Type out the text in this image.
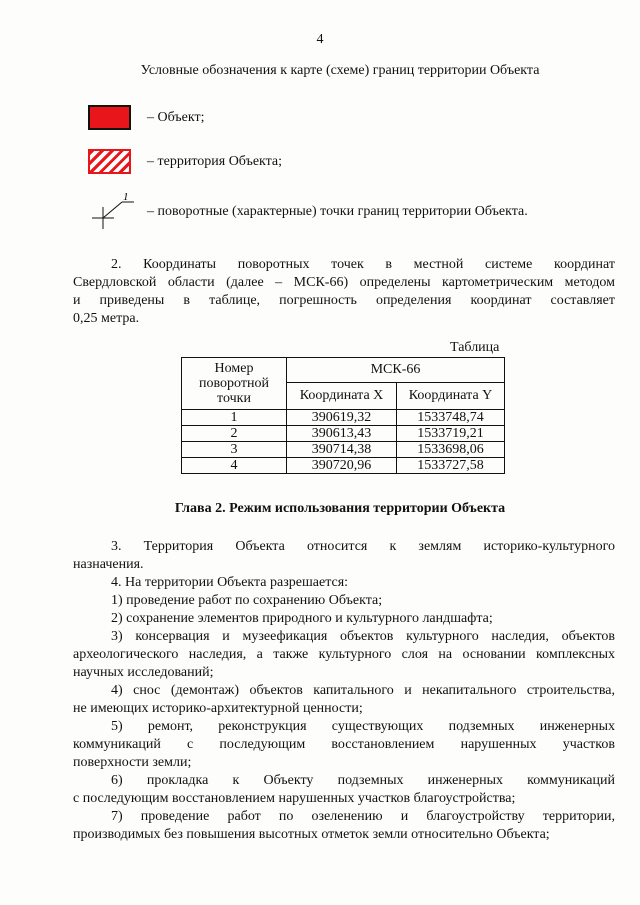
4
Условные обозначения к карте (схеме) границ территории Объекта
– Объект;
– территория Объекта;
1
– поворотные (характерные) точки границ территории Объекта.
2. Координаты поворотных точек в местной системе координат
Свердловской области (далее – МСК-66) определены картометрическим методом
и приведены в таблице, погрешность определения координат составляет
0,25 метра.
Таблица
Номер поворотной точки	МСК-66	
	Координата X	Координата Y
1	390619,32	1533748,74
2	390613,43	1533719,21
3	390714,38	1533698,06
4	390720,96	1533727,58
Глава 2. Режим использования территории Объекта
3. Территория Объекта относится к землям историко-культурного
назначения.
4. На территории Объекта разрешается:
1) проведение работ по сохранению Объекта;
2) сохранение элементов природного и культурного ландшафта;
3) консервация и музеефикация объектов культурного наследия, объектов
археологического наследия, а также культурного слоя на основании комплексных
научных исследований;
4) снос (демонтаж) объектов капитального и некапитального строительства,
не имеющих историко-архитектурной ценности;
5) ремонт, реконструкция существующих подземных инженерных
коммуникаций с последующим восстановлением нарушенных участков
поверхности земли;
6) прокладка к Объекту подземных инженерных коммуникаций
с последующим восстановлением нарушенных участков благоустройства;
7) проведение работ по озеленению и благоустройству территории,
производимых без повышения высотных отметок земли относительно Объекта;
